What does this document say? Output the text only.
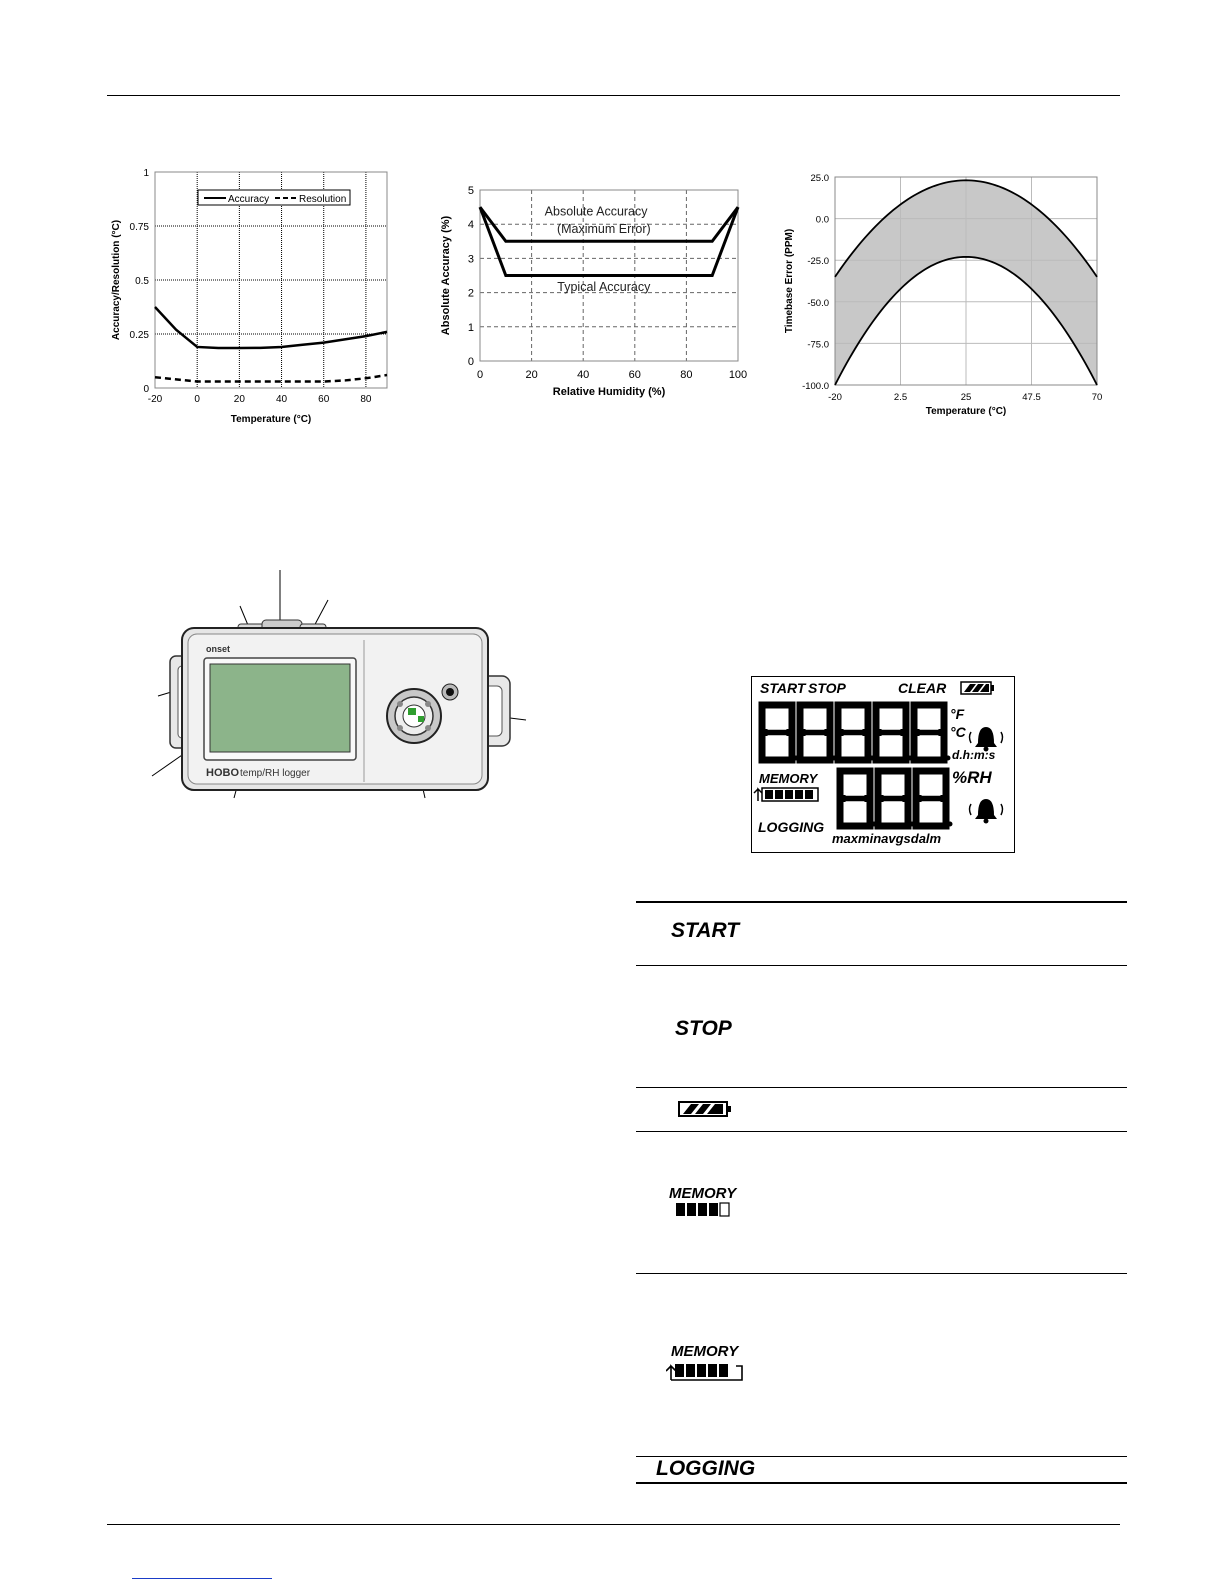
-20	0	20	40	60	80
1
0.75
0.5
0.25
0
Temperature (°C)
Accuracy/Resolution (°C)
Accuracy	Resolution
0	20	40	60	80	100
5
4
3
2
1
0
Relative Humidity (%)
Absolute Accuracy (%)
Absolute Accuracy
(Maximum Error)
Typical Accuracy
-20	2.5	25	47.5	70
25.0
0.0
-25.0
-50.0
-75.0
-100.0
Temperature (°C)
Timebase Error (PPM)
onset
HOBO temp/RH logger
START STOP	CLEAR
°F
°C
d.h:m:s
MEMORY	%RH
LOGGING
maxminavgsdalm
START
STOP
MEMORY
MEMORY
LOGGING
